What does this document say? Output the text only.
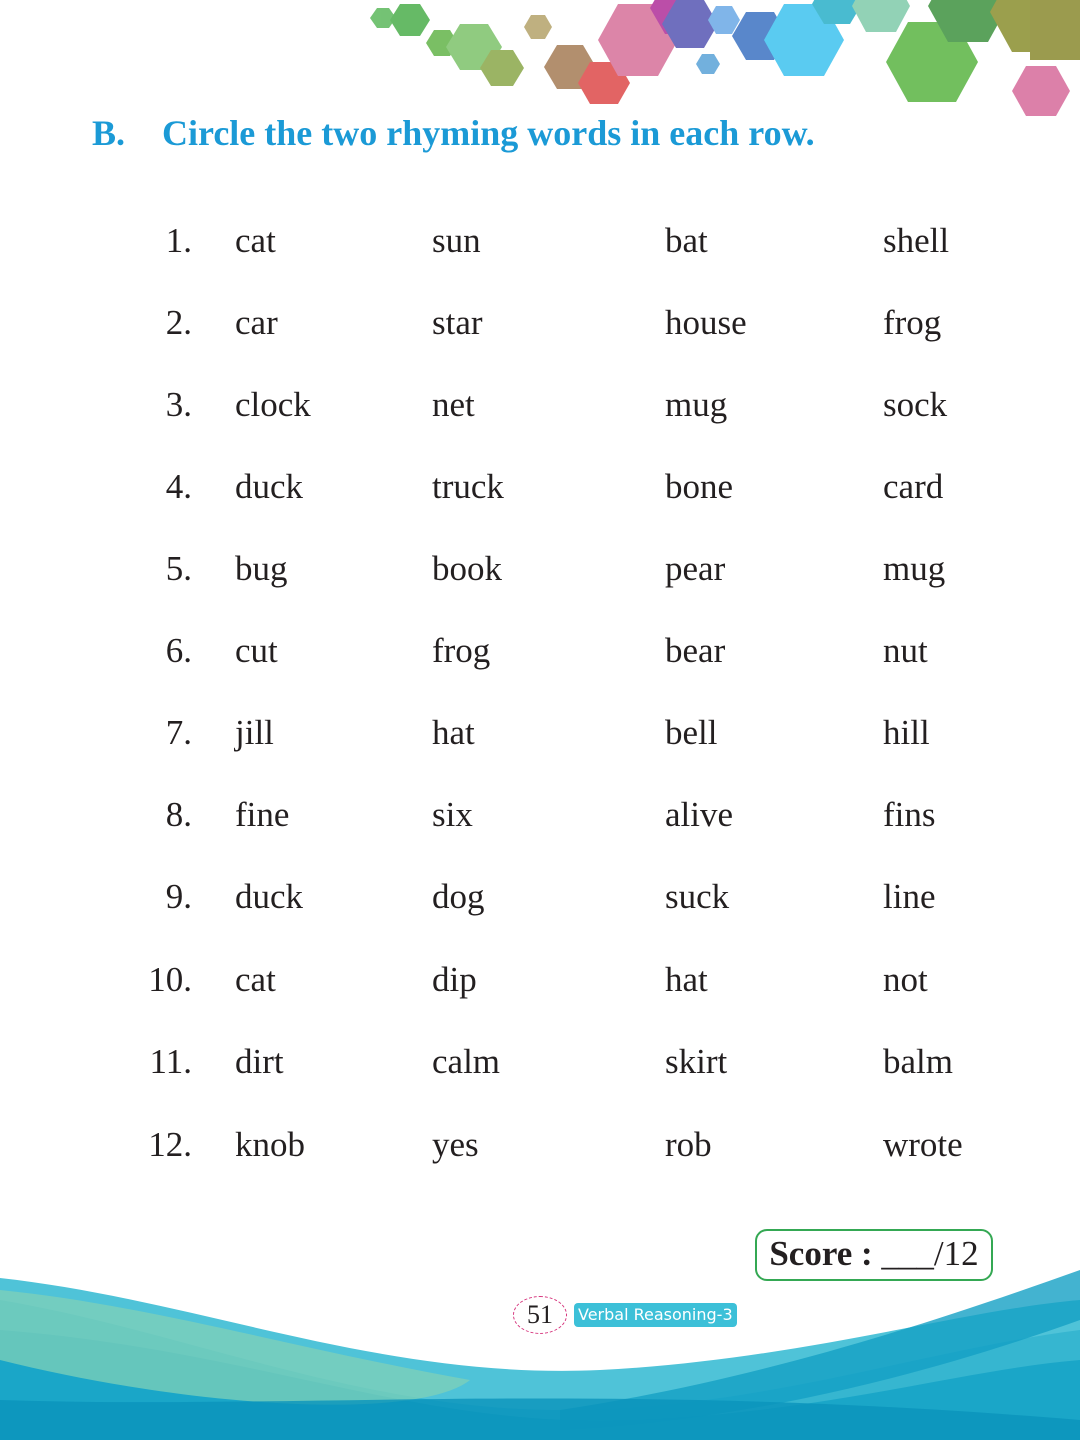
B. Circle the two rhyming words in each row.
1. cat	sun	bat	shell
2. car	star	house	frog
3. clock	net	mug	sock
4. duck	truck	bone	card
5. bug	book	pear	mug
6. cut	frog	bear	nut
7. jill	hat	bell	hill
8. fine	six	alive	fins
9. duck	dog	suck	line
10. cat	dip	hat	not
11. dirt	calm	skirt	balm
12. knob	yes	rob	wrote
Score : ___/12
51	Verbal Reasoning-3
